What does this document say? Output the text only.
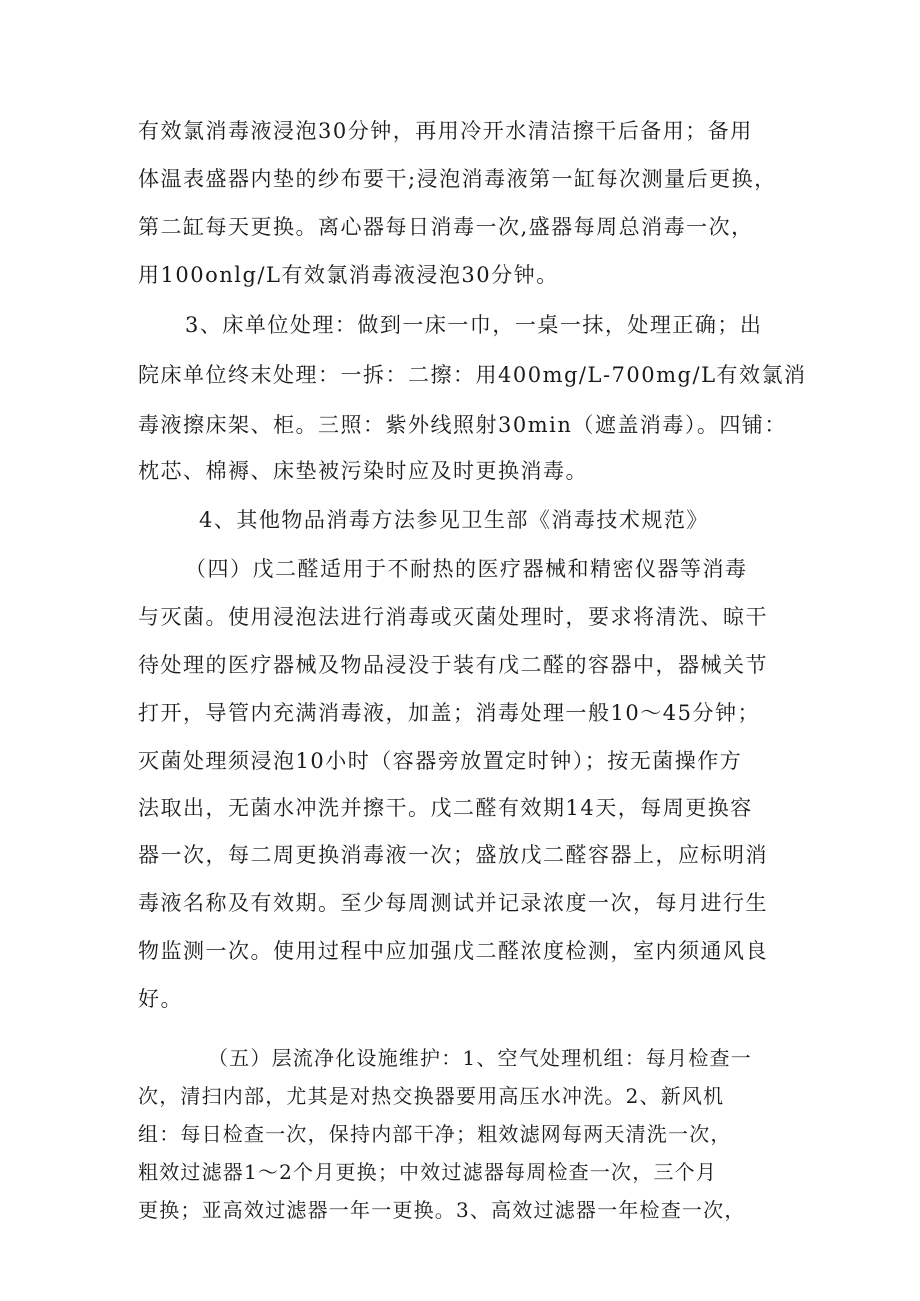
有效氯消毒液浸泡30分钟，再用冷开水清洁擦干后备用；备用
体温表盛器内垫的纱布要干;浸泡消毒液第一缸每次测量后更换，
第二缸每天更换。离心器每日消毒一次,盛器每周总消毒一次，
用100onlg/L有效氯消毒液浸泡30分钟。
3、床单位处理：做到一床一巾，一桌一抹，处理正确；出
院床单位终末处理：一拆：二擦：用400mg/L-700mg/L有效氯消
毒液擦床架、柜。三照：紫外线照射30min（遮盖消毒）。四铺：
枕芯、棉褥、床垫被污染时应及时更换消毒。
4、其他物品消毒方法参见卫生部《消毒技术规范》
（四）戊二醛适用于不耐热的医疗器械和精密仪器等消毒
与灭菌。使用浸泡法进行消毒或灭菌处理时，要求将清洗、晾干
待处理的医疗器械及物品浸没于装有戊二醛的容器中，器械关节
打开，导管内充满消毒液，加盖；消毒处理一般10～45分钟；
灭菌处理须浸泡10小时（容器旁放置定时钟）；按无菌操作方
法取出，无菌水冲洗并擦干。戊二醛有效期14天，每周更换容
器一次，每二周更换消毒液一次；盛放戊二醛容器上，应标明消
毒液名称及有效期。至少每周测试并记录浓度一次，每月进行生
物监测一次。使用过程中应加强戊二醛浓度检测，室内须通风良
好。
（五）层流净化设施维护：1、空气处理机组：每月检查一
次，清扫内部，尤其是对热交换器要用高压水冲洗。2、新风机
组：每日检查一次，保持内部干净；粗效滤网每两天清洗一次，
粗效过滤器1～2个月更换；中效过滤器每周检查一次，三个月
更换；亚高效过滤器一年一更换。3、高效过滤器一年检查一次，
